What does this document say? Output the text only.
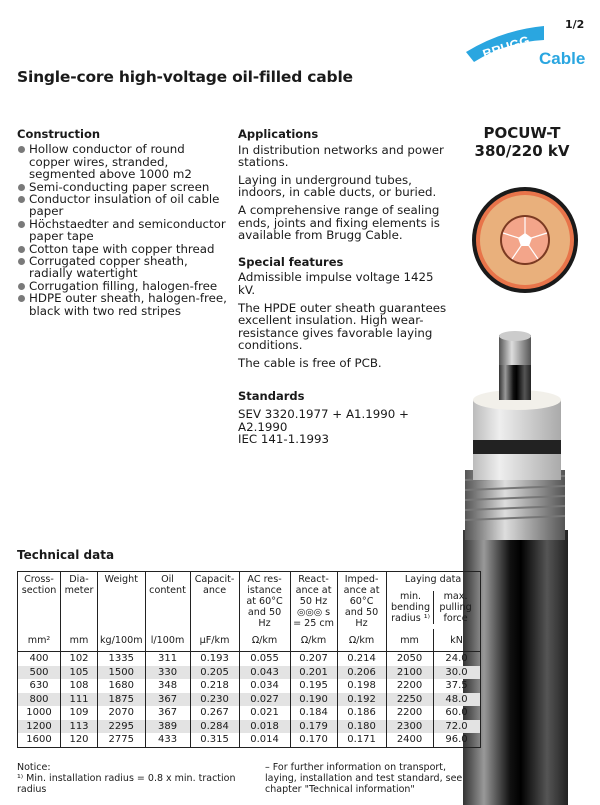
1/2
BRUGG Cable
Single-core high-voltage oil-filled cable
Construction
Hollow conductor of round copper wires, stranded, segmented above 1000 m2
Semi-conducting paper screen
Conductor insulation of oil cable paper
Höchstaedter and semiconductor paper tape
Cotton tape with copper thread
Corrugated copper sheath, radially watertight
Corrugation filling, halogen-free
HDPE outer sheath, halogen-free, black with two red stripes
Applications

In distribution networks and power stations.

Laying in underground tubes, indoors, in cable ducts, or buried.

A comprehensive range of sealing ends, joints and fixing elements is available from Brugg Cable.

Special features

Admissible impulse voltage 1425 kV.

The HPDE outer sheath guarantees excellent insulation. High wear-resistance gives favorable laying conditions.

The cable is free of PCB.

Standards
SEV 3320.1977 + A1.1990 + A2.1990
IEC 141-1.1993
POCUW-T
380/220 kV
Technical data
Cross-section	Dia-meter	Weight	Oil content	Capacit-ance	AC res-istance at 60°C and 50 Hz	React-ance at 50 Hz ◎◎◎ s = 25 cm	Imped-ance at 60°C and 50 Hz	Laying data
min. bending radius ¹⁾
max. pulling force	

mm²	mm	kg/100m	l/100m	µF/km	Ω/km	Ω/km	Ω/km	mm	kN
400	102	1335	311	0.193	0.055	0.207	0.214	2050	24.0
500	105	1500	330	0.205	0.043	0.201	0.206	2100	30.0
630	108	1680	348	0.218	0.034	0.195	0.198	2200	37.5
800	111	1875	367	0.230	0.027	0.190	0.192	2250	48.0
1000	109	2070	367	0.267	0.021	0.184	0.186	2200	60.0
1200	113	2295	389	0.284	0.018	0.179	0.180	2300	72.0
1600	120	2775	433	0.315	0.014	0.170	0.171	2400	96.0
Notice:
¹⁾ Min. installation radius = 0.8 x min. traction radius
– For further information on transport, laying, installation and test standard, see chapter "Technical information"
